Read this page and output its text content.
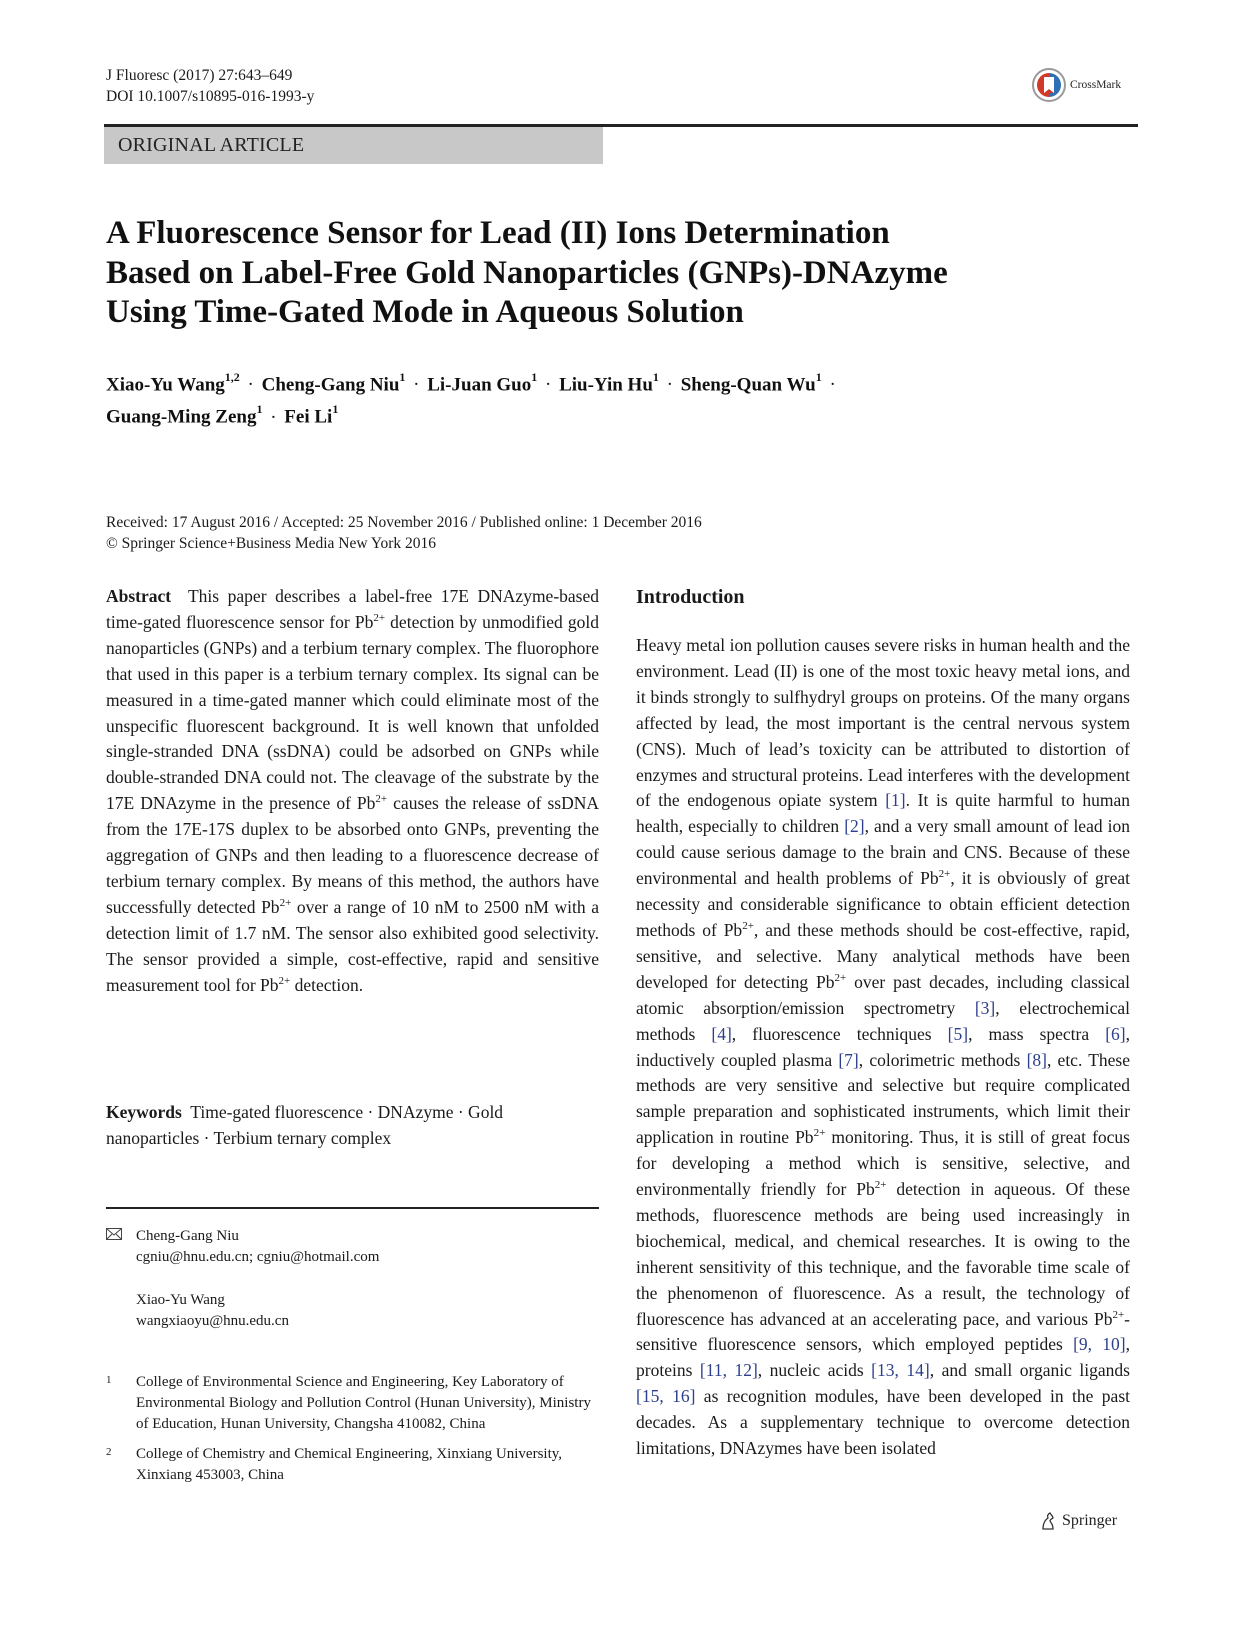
J Fluoresc (2017) 27:643–649
DOI 10.1007/s10895-016-1993-y
CrossMark
ORIGINAL ARTICLE
A Fluorescence Sensor for Lead (II) Ions Determination
Based on Label-Free Gold Nanoparticles (GNPs)-DNAzyme
Using Time-Gated Mode in Aqueous Solution
Xiao-Yu Wang$^{1,2}$ · Cheng-Gang Niu$^1$ · Li-Juan Guo$^1$ · Liu-Yin $Hu^1$ · Sheng-Quan $Wu^1$ ·
Guang-Ming Zeng$^1$ · Fei Li$^1$
Received: 17 August 2016 / Accepted: 25 November 2016 / Published online: 1 December 2016
© Springer Science+Business Media New York 2016

Abstract This paper describes a label-free 17E DNAzyme-based time-gated fluorescence sensor for $Pb^{2+}$ detection by unmodified gold nanoparticles (GNPs) and a terbium ternary complex. The fluorophore that used in this paper is a terbium ternary complex. Its signal can be measured in a time-gated manner which could eliminate most of the unspecific fluorescent background. It is well known that unfolded single-stranded DNA (ssDNA) could be adsorbed on GNPs while double-stranded DNA could not. The cleavage of the substrate by the 17E DNAzyme in the presence of $Pb^{2+}$ causes the release of ssDNA from the 17E-17S duplex to be absorbed onto GNPs, preventing the aggregation of GNPs and then leading to a fluorescence decrease of terbium ternary complex. By means of this method, the authors have successfully detected $Pb^{2+}$ over a range of 10 nM to 2500 nM with a detection limit of 1.7 nM. The sensor also exhibited good selectivity. The sensor provided a simple, cost-effective, rapid and sensitive measurement tool for $Pb^{2+}$ detection.

Keywords Time-gated fluorescence · DNAzyme · Gold nanoparticles · Terbium ternary complex

Cheng-Gang Niu
cgniu@hnu.edu.cn; cgniu@hotmail.com
Xiao-Yu Wang
wangxiaoyu@hnu.edu.cn
1	College of Environmental Science and Engineering, Key Laboratory of Environmental Biology and Pollution Control (Hunan University), Ministry of Education, Hunan University, Changsha 410082, China
2	College of Chemistry and Chemical Engineering, Xinxiang University, Xinxiang 453003, China
Introduction

Heavy metal ion pollution causes severe risks in human health and the environment. Lead (II) is one of the most toxic heavy metal ions, and it binds strongly to sulfhydryl groups on proteins. Of the many organs affected by lead, the most important is the central nervous system (CNS). Much of lead’s toxicity can be attributed to distortion of enzymes and structural proteins. Lead interferes with the development of the endogenous opiate system [1]. It is quite harmful to human health, especially to children [2], and a very small amount of lead ion could cause serious damage to the brain and CNS. Because of these environmental and health problems of $Pb^{2+}$, it is obviously of great necessity and considerable significance to obtain efficient detection methods of $Pb^{2+}$, and these methods should be cost-effective, rapid, sensitive, and selective. Many analytical methods have been developed for detecting $Pb^{2+}$ over past decades, including classical atomic absorption/emission spectrometry [3], electrochemical methods [4], fluorescence techniques [5], mass spectra [6], inductively coupled plasma [7], colorimetric methods [8], etc. These methods are very sensitive and selective but require complicated sample preparation and sophisticated instruments, which limit their application in routine $Pb^{2+}$ monitoring. Thus, it is still of great focus for developing a method which is sensitive, selective, and environmentally friendly for $Pb^{2+}$ detection in aqueous. Of these methods, fluorescence methods are being used increasingly in biochemical, medical, and chemical researches. It is owing to the inherent sensitivity of this technique, and the favorable time scale of the phenomenon of fluorescence. As a result, the technology of fluorescence has advanced at an accelerating pace, and various $Pb^{2+}$-sensitive fluorescence sensors, which employed peptides [9, 10], proteins [11, 12], nucleic acids [13, 14], and small organic ligands [15, 16] as recognition modules, have been developed in the past decades. As a supplementary technique to overcome detection limitations, DNAzymes have been isolated

Springer
